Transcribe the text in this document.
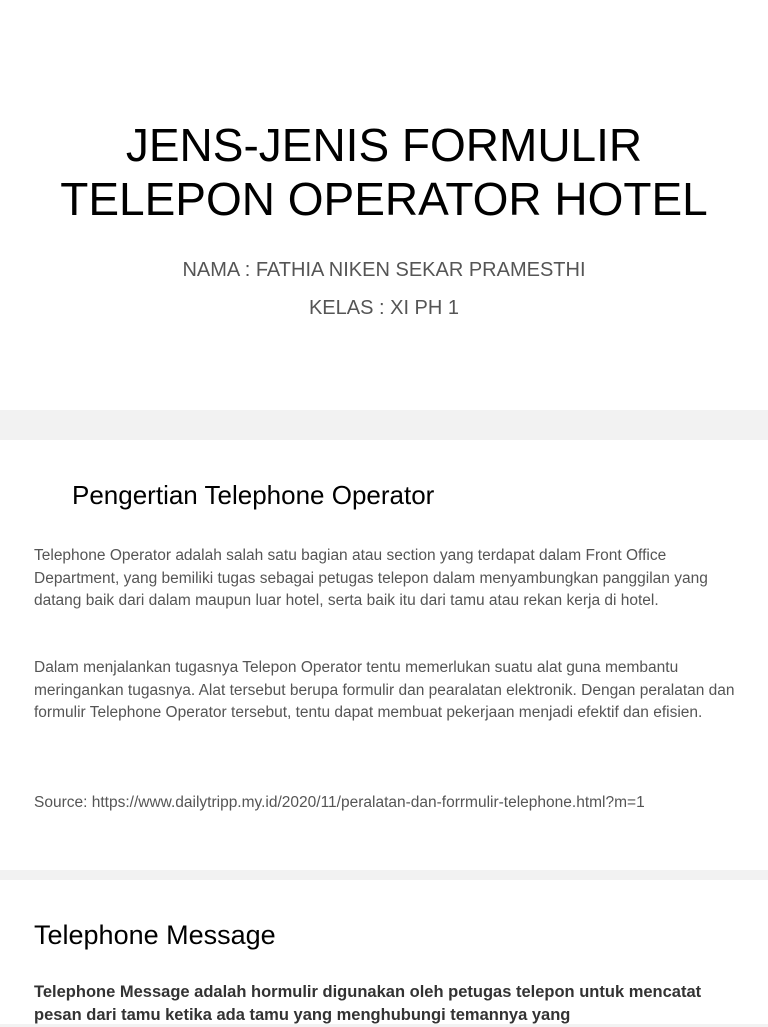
JENS-JENIS FORMULIR
TELEPON OPERATOR HOTEL

NAMA : FATHIA NIKEN SEKAR PRAMESTHI

KELAS : XI PH 1

Pengertian Telephone Operator

Telephone Operator adalah salah satu bagian atau section yang terdapat dalam Front Office Department, yang bemiliki tugas sebagai petugas telepon dalam menyambungkan panggilan yang datang baik dari dalam maupun luar hotel, serta baik itu dari tamu atau rekan kerja di hotel.

Dalam menjalankan tugasnya Telepon Operator tentu memerlukan suatu alat guna membantu meringankan tugasnya. Alat tersebut berupa formulir dan pearalatan elektronik. Dengan peralatan dan formulir Telephone Operator tersebut, tentu dapat membuat pekerjaan menjadi efektif dan efisien.

Source: https://www.dailytripp.my.id/2020/11/peralatan-dan-forrmulir-telephone.html?m=1

Telephone Message

Telephone Message adalah hormulir digunakan oleh petugas telepon untuk mencatat pesan dari tamu ketika ada tamu yang menghubungi temannya yang
